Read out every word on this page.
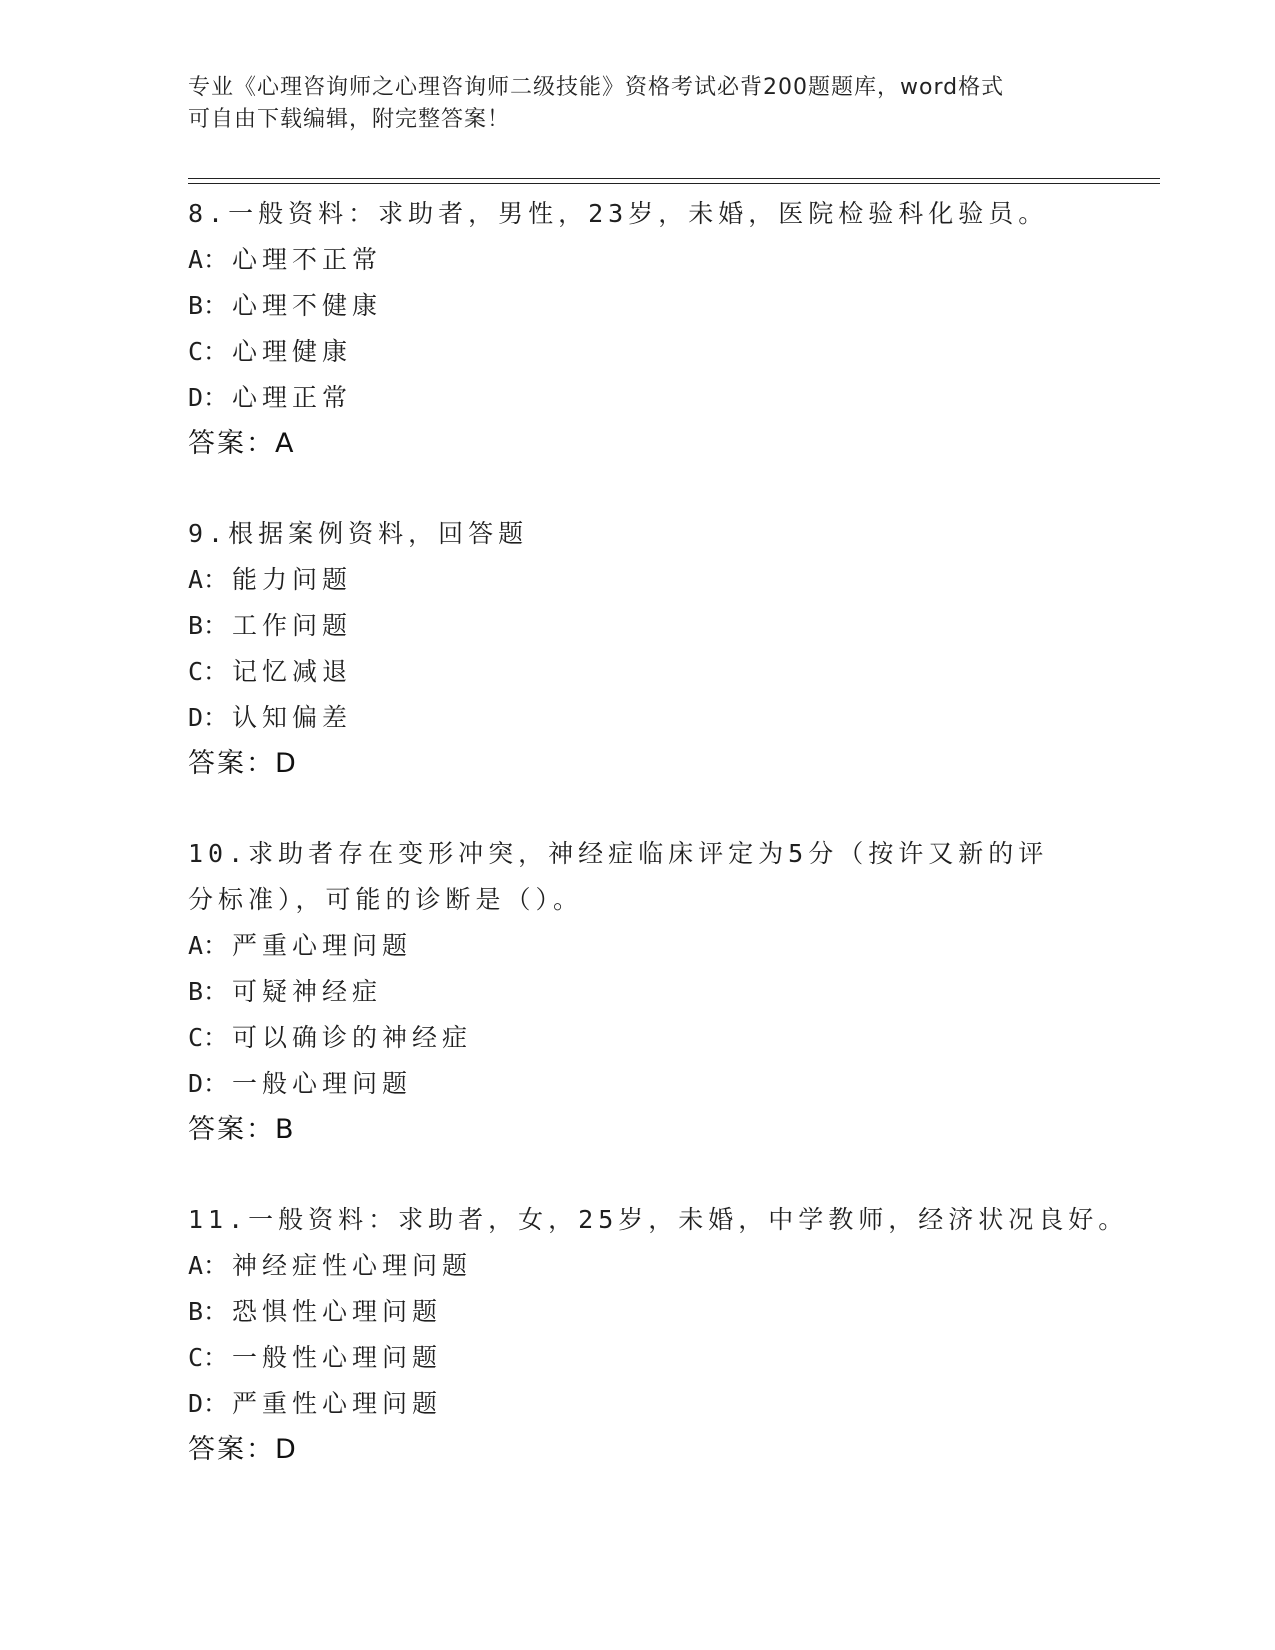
专业《心理咨询师之心理咨询师二级技能》资格考试必背200题题库，word格式
可自由下载编辑，附完整答案！
8.一般资料：求助者，男性，23岁，未婚，医院检验科化验员。
A： 心理不正常
B： 心理不健康
C： 心理健康
D： 心理正常
答案：A
9.根据案例资料，回答题
A： 能力问题
B： 工作问题
C： 记忆减退
D： 认知偏差
答案：D
10.求助者存在变形冲突，神经症临床评定为5分（按许又新的评分标准），可能的诊断是（）。
A： 严重心理问题
B： 可疑神经症
C： 可以确诊的神经症
D： 一般心理问题
答案：B
11.一般资料：求助者，女，25岁，未婚，中学教师，经济状况良好。
A： 神经症性心理问题
B： 恐惧性心理问题
C： 一般性心理问题
D： 严重性心理问题
答案：D
